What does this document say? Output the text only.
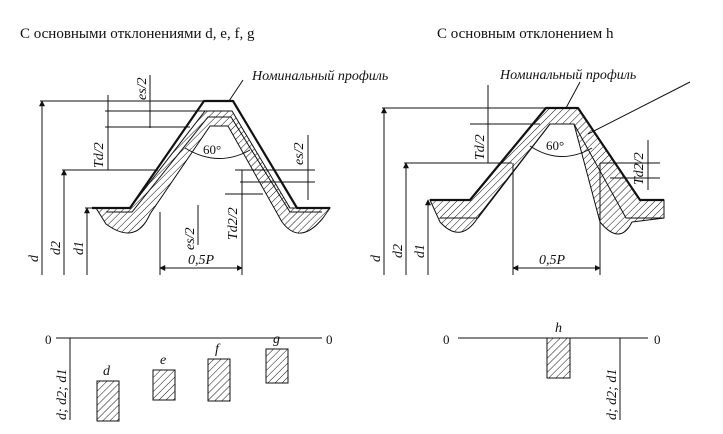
С основными отклонениями d, e, f, g	С основным отклонением h
Номинальный профиль
60°
0,5P
es/2
es/2
es/2
Td/2
Td2/2
d
d2 d1
Номинальный профиль
60°
0,5P
Td/2
Td2/2
d
d2 d1
0	0
d; d2; d1 d
e
f
g	0	0
d; d2; d1
h
